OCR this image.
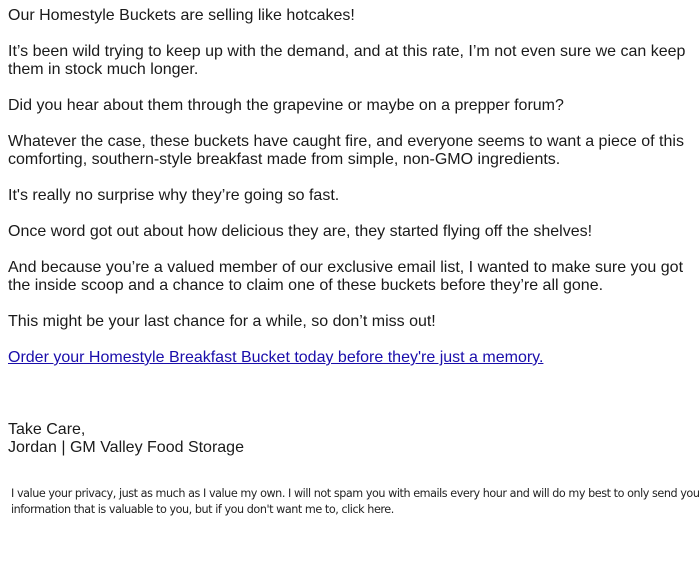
Our Homestyle Buckets are selling like hotcakes!

It’s been wild trying to keep up with the demand, and at this rate, I’m not even sure we can keep them in stock much longer.

Did you hear about them through the grapevine or maybe on a prepper forum?

Whatever the case, these buckets have caught fire, and everyone seems to want a piece of this comforting, southern-style breakfast made from simple, non-GMO ingredients.

It's really no surprise why they’re going so fast.

Once word got out about how delicious they are, they started flying off the shelves!

And because you’re a valued member of our exclusive email list, I wanted to make sure you got the inside scoop and a chance to claim one of these buckets before they’re all gone.

This might be your last chance for a while, so don’t miss out!

Order your Homestyle Breakfast Bucket today before they're just a memory.

Take Care,

Jordan | GM Valley Food Storage

I value your privacy, just as much as I value my own. I will not spam you with emails every hour and will do my best to only send you
information that is valuable to you, but if you don't want me to, click here.
